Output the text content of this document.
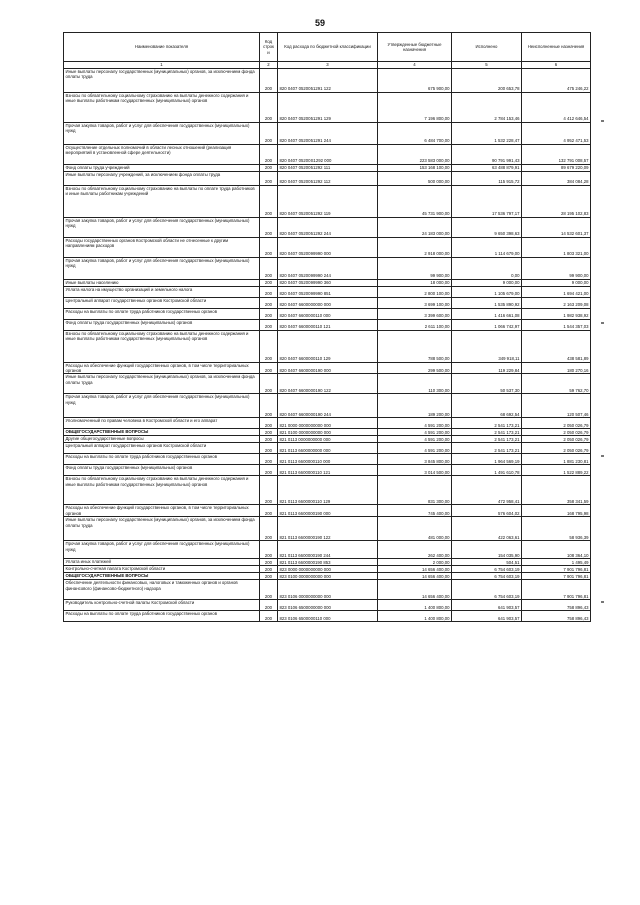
59
Наименование показателя	Код строк и	Код расхода по бюджетной классификации	Утвержденные бюджетные назначения	Исполнено	Неисполненные назначения
1	2	3	4	5	6
Иные выплаты персоналу государственных (муниципальных) органов, за исключением фонда оплаты труда	200	820 0407 0520051291 122	675 900,00	200 653,78	475 246,22
Взносы по обязательному социальному страхованию на выплаты денежного содержания и иные выплаты работникам государственных (муниципальных) органов	200	820 0407 0520051291 129	7 196 800,00	2 784 153,46	4 412 646,54
Прочая закупка товаров, работ и услуг для обеспечения государственных (муниципальных) нужд	200	820 0407 0520051291 244	6 484 700,00	1 532 228,47	4 952 471,53
Осуществление отдельных полномочий в области лесных отношений (реализация мероприятий в установленной сфере деятельности)	200	820 0407 05200S1292 000	223 583 000,00	90 791 991,43	132 791 008,57
Фонд оплаты труда учреждений	200	820 0407 0520051292 111	153 168 100,00	63 488 879,91	89 679 220,09
Иные выплаты персоналу учреждений, за исключением фонда оплаты труда	200	820 0407 0520051292 112	500 000,00	115 915,72	384 084,28
Взносы по обязательному социальному страхованию на выплаты по оплате труда работников и иные выплаты работникам учреждений	200	820 0407 0520051292 119	45 731 900,00	17 536 797,17	28 195 102,83
Прочая закупка товаров, работ и услуг для обеспечения государственных (муниципальных) нужд	200	820 0407 0520051292 244	24 183 000,00	9 650 398,63	14 532 601,37
Расходы государственных органов Костромской области не отнесенные к другим направлениям расходов	200	820 0407 0520099990 000	2 918 000,00	1 114 679,00	1 803 321,00
Прочая закупка товаров, работ и услуг для обеспечения государственных (муниципальных) нужд	200	820 0407 0520099990 244	99 900,00	0,00	99 900,00
Иные выплаты населению	200	820 0407 0520099990 360	18 000,00	9 000,00	9 000,00
Уплата налога на имущество организаций и земельного налога	200	820 0407 0520099990 851	2 800 100,00	1 105 679,00	1 694 421,00
Центральный аппарат государственных органов Костромской области	200	820 0407 6600000000 000	3 699 100,00	1 535 890,92	2 163 209,08
Расходы на выплаты по оплате труда работников государственных органов	200	820 0407 6600000110 000	3 399 600,00	1 416 661,08	1 982 938,92
Фонд оплаты труда государственных (муниципальных) органов	200	820 0407 6600000110 121	2 611 100,00	1 066 742,97	1 544 357,03
Взносы по обязательному социальному страхованию на выплаты денежного содержания и иные выплаты работникам государственных (муниципальных) органов	200	820 0407 6600000110 129	788 500,00	349 918,11	438 581,89
Расходы на обеспечение функций государственных органов, в том числе территориальных органов	200	820 0407 6600000190 000	299 500,00	119 229,84	180 270,16
Иные выплаты персоналу государственных (муниципальных) органов, за исключением фонда оплаты труда	200	820 0407 6600000190 122	110 300,00	50 537,30	59 762,70
Прочая закупка товаров, работ и услуг для обеспечения государственных (муниципальных) нужд	200	820 0407 6600000190 244	189 200,00	68 692,54	120 507,46
Уполномоченный по правам человека в Костромской области и его аппарат	200	821 0000 0000000000 000	4 591 200,00	2 541 173,21	2 050 026,79
ОБЩЕГОСУДАРСТВЕННЫЕ ВОПРОСЫ	200	821 0100 0000000000 000	4 591 200,00	2 541 173,21	2 050 026,79
Другие общегосударственные вопросы	200	821 0113 0000000000 000	4 591 200,00	2 541 173,21	2 050 026,79
Центральный аппарат государственных органов Костромской области	200	821 0113 6600000000 000	4 591 200,00	2 541 173,21	2 050 026,79
Расходы на выплаты по оплате труда работников государственных органов	200	821 0113 6600000110 000	3 845 800,00	1 964 569,19	1 881 230,81
Фонд оплаты труда государственных (муниципальных) органов	200	821 0113 6600000110 121	3 014 500,00	1 491 610,78	1 522 889,22
Взносы по обязательному социальному страхованию на выплаты денежного содержания и иные выплаты работникам государственных (муниципальных) органов	200	821 0113 6600000110 129	831 300,00	472 958,41	358 341,59
Расходы на обеспечение функций государственных органов, в том числе территориальных органов	200	821 0113 6600000190 000	745 400,00	576 604,02	168 795,98
Иные выплаты персоналу государственных (муниципальных) органов, за исключением фонда оплаты труда	200	821 0113 6600000190 122	481 000,00	422 063,61	58 936,39
Прочая закупка товаров, работ и услуг для обеспечения государственных (муниципальных) нужд	200	821 0113 6600000190 244	262 400,00	154 035,90	108 364,10
Уплата иных платежей	200	821 0113 6600000190 853	2 000,00	504,51	1 495,49
Контрольно-счетная палата Костромской области	200	823 0000 0000000000 000	14 656 400,00	6 754 603,19	7 901 796,81
ОБЩЕГОСУДАРСТВЕННЫЕ ВОПРОСЫ	200	823 0100 0000000000 000	14 656 400,00	6 754 603,19	7 901 796,81
Обеспечение деятельности финансовых, налоговых и таможенных органов и органов финансового (финансово-бюджетного) надзора	200	823 0106 0000000000 000	14 656 400,00	6 754 603,19	7 901 796,81
Руководитель контрольно-счетной палаты Костромской области	200	823 0106 6500000000 000	1 400 800,00	641 903,57	758 896,43
Расходы на выплаты по оплате труда работников государственных органов	200	823 0106 6500000110 000	1 400 800,00	641 903,57	758 896,43
